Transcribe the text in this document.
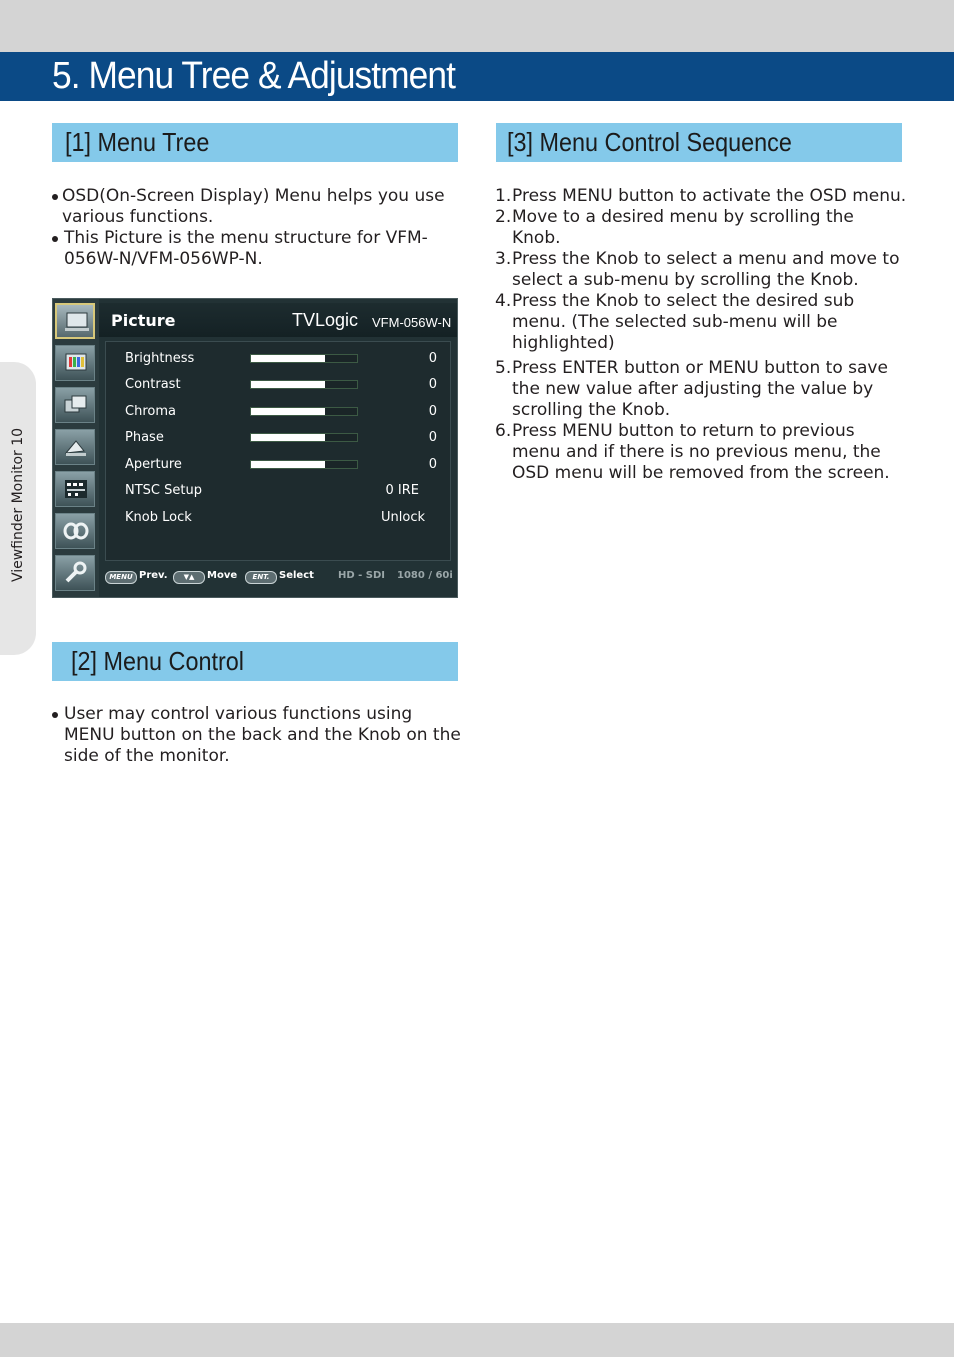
5. Menu Tree & Adjustment
Viewfinder Monitor 10
[1] Menu Tree
OSD(On-Screen Display) Menu helps you use various functions.
This Picture is the menu structure for VFM-056W-N/VFM-056WP-N.
Picture	TVLogic VFM-056W-N
Brightness	0
Contrast	0
Chroma	0
Phase	0
Aperture	0
NTSC Setup	0 IRE
Knob Lock	Unlock
MENU Prev.	▼▲	Move	ENT. Select HD - SDI 1080 / 60i
[2] Menu Control
User may control various functions using MENU button on the back and the Knob on the side of the monitor.
[3] Menu Control Sequence
1. Press MENU button to activate the OSD menu.
2. Move to a desired menu by scrolling the Knob.
3. Press the Knob to select a menu and move to select a sub-menu by scrolling the Knob.
4. Press the Knob to select the desired sub menu. (The selected sub-menu will be highlighted)
5. Press ENTER button or MENU button to save the new value after adjusting the value by scrolling the Knob.
6. Press MENU button to return to previous menu and if there is no previous menu, the OSD menu will be removed from the screen.
